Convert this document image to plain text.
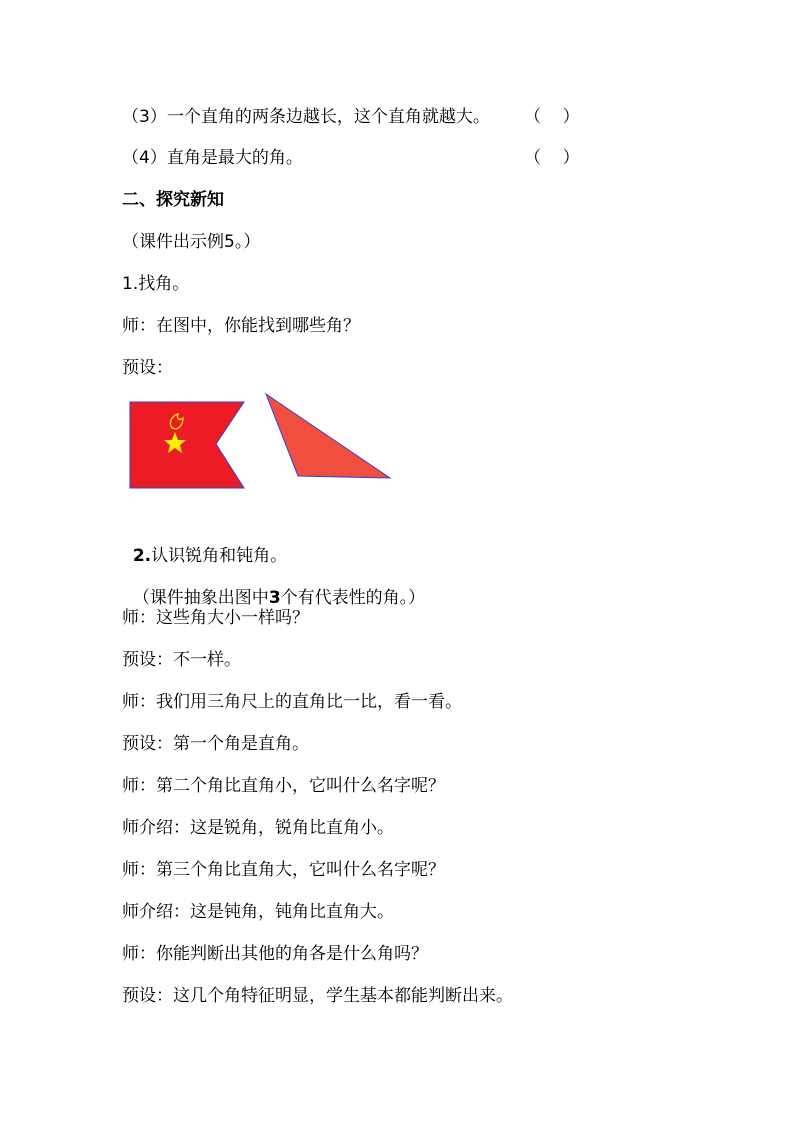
（3）一个直角的两条边越长，这个直角就越大。 （    ）
（4）直角是最大的角。	（    ）
二、探究新知
（课件出示例5。）
1.找角。
师：在图中，你能找到哪些角？
预设：

2.认识锐角和钝角。

（课件抽象出图中3个有代表性的角。）

师：这些角大小一样吗？
预设：不一样。
师：我们用三角尺上的直角比一比，看一看。
预设：第一个角是直角。
师：第二个角比直角小，它叫什么名字呢？
师介绍：这是锐角，锐角比直角小。
师：第三个角比直角大，它叫什么名字呢？
师介绍：这是钝角，钝角比直角大。
师：你能判断出其他的角各是什么角吗？
预设：这几个角特征明显，学生基本都能判断出来。
